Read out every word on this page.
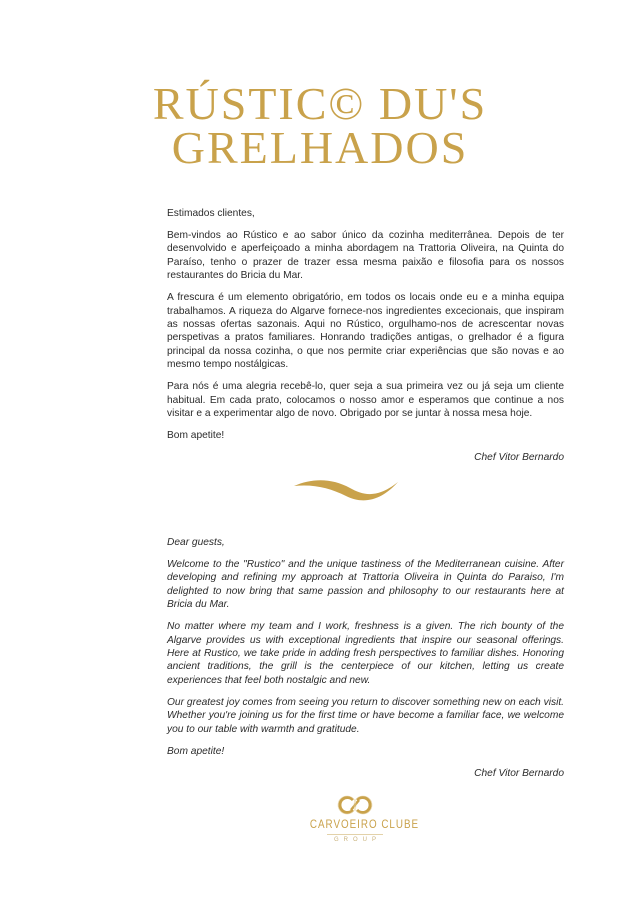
RÚSTIC© DU'S
GRELHADOS

Estimados clientes,

Bem-vindos ao Rústico e ao sabor único da cozinha mediterrânea. Depois de ter desenvolvido e aperfeiçoado a minha abordagem na Trattoria Oliveira, na Quinta do Paraíso, tenho o prazer de trazer essa mesma paixão e filosofia para os nossos restaurantes do Bricia du Mar.

A frescura é um elemento obrigatório, em todos os locais onde eu e a minha equipa trabalhamos. A riqueza do Algarve fornece-nos ingredientes excecionais, que inspiram as nossas ofertas sazonais. Aqui no Rústico, orgulhamo-nos de acrescentar novas perspetivas a pratos familiares. Honrando tradições antigas, o grelhador é a figura principal da nossa cozinha, o que nos permite criar experiências que são novas e ao mesmo tempo nostálgicas.

Para nós é uma alegria recebê-lo, quer seja a sua primeira vez ou já seja um cliente habitual. Em cada prato, colocamos o nosso amor e esperamos que continue a nos visitar e a experimentar algo de novo. Obrigado por se juntar à nossa mesa hoje.

Bom apetite!

Chef Vitor Bernardo

Dear guests,

Welcome to the "Rustico" and the unique tastiness of the Mediterranean cuisine. After developing and refining my approach at Trattoria Oliveira in Quinta do Paraiso, I'm delighted to now bring that same passion and philosophy to our restaurants here at Bricia du Mar.

No matter where my team and I work, freshness is a given. The rich bounty of the Algarve provides us with exceptional ingredients that inspire our seasonal offerings. Here at Rustico, we take pride in adding fresh perspectives to familiar dishes. Honoring ancient traditions, the grill is the centerpiece of our kitchen, letting us create experiences that feel both nostalgic and new.

Our greatest joy comes from seeing you return to discover something new on each visit. Whether you're joining us for the first time or have become a familiar face, we welcome you to our table with warmth and gratitude.

Bom apetite!

Chef Vitor Bernardo

CARVOEIRO CLUBE
GROUP
